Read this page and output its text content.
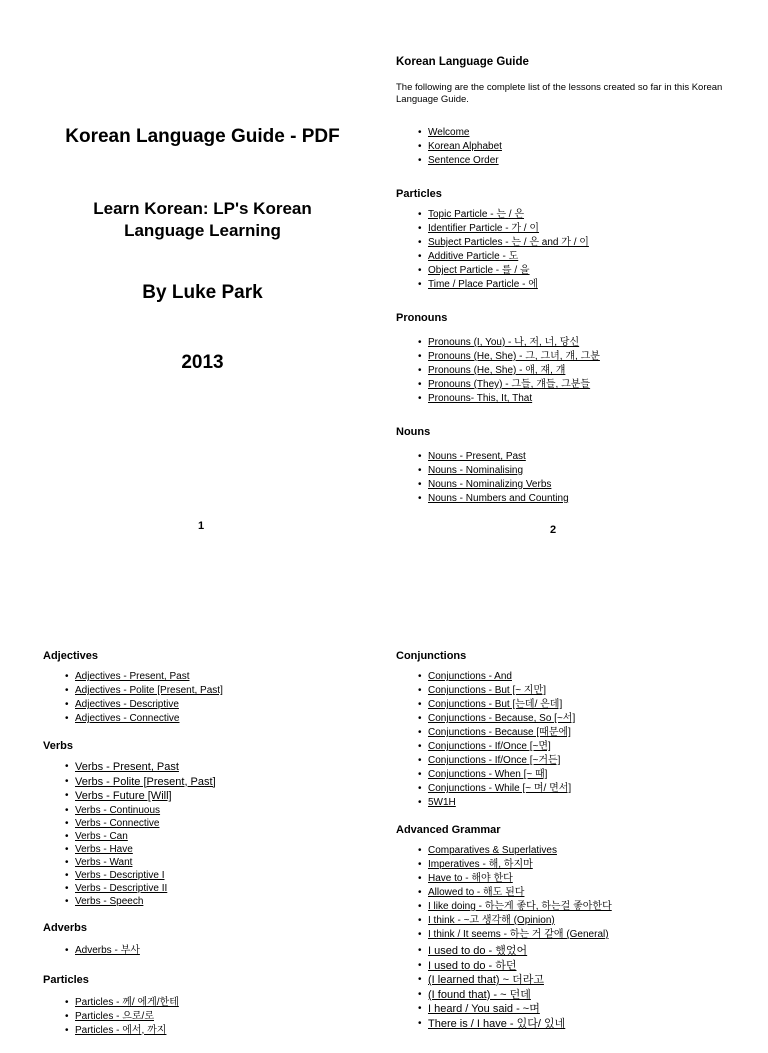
Korean Language Guide - PDF
Learn Korean: LP's Korean Language Learning
By Luke Park
2013
1
Korean Language Guide
The following are the complete list of the lessons created so far in this Korean Language Guide.
• Welcome
• Korean Alphabet
• Sentence Order
Particles
• Topic Particle - 는 / 은
• Identifier Particle - 가 / 이
• Subject Particles - 는 / 은 and 가 / 이
• Additive Particle - 도
• Object Particle - 를 / 을
• Time / Place Particle - 에
Pronouns
• Pronouns (I, You) - 나, 저, 너, 당신
• Pronouns (He, She) - 그, 그녀, 걔, 그분
• Pronouns (He, She) - 얘, 쟤, 걔
• Pronouns (They) - 그들, 걔들, 그분들
• Pronouns- This, It, That
Nouns
• Nouns - Present, Past
• Nouns - Nominalising
• Nouns - Nominalizing Verbs
• Nouns - Numbers and Counting
2
Adjectives
• Adjectives - Present, Past
• Adjectives - Polite [Present, Past]
• Adjectives - Descriptive
• Adjectives - Connective
Verbs
• Verbs - Present, Past
• Verbs - Polite [Present, Past]
• Verbs - Future [Will]
• Verbs - Continuous
• Verbs - Connective
• Verbs - Can
• Verbs - Have
• Verbs - Want
• Verbs - Descriptive I
• Verbs - Descriptive II
• Verbs - Speech
Adverbs
• Adverbs - 부사
Particles
• Particles - 께/ 에게/한테
• Particles - 으로/로
• Particles - 에서, 까지
Conjunctions
• Conjunctions - And
• Conjunctions - But [~ 지만]
• Conjunctions - But [는데/ 은데]
• Conjunctions - Because, So [~서]
• Conjunctions - Because [때문에]
• Conjunctions - If/Once [~면]
• Conjunctions - If/Once [~거든]
• Conjunctions - When [~ 때]
• Conjunctions - While [~ 며/ 면서]
• 5W1H
Advanced Grammar
• Comparatives & Superlatives
• Imperatives - 해, 하지마
• Have to - 해야 한다
• Allowed to - 해도 된다
• I like doing - 하는게 좋다, 하는걸 좋아한다
• I think - ~고 생각해 (Opinion)
• I think / It seems - 하는 거 같애 (General)
• I used to do - 했었어
• I used to do - 하던
• (I learned that) ~ 더라고
• (I found that) - ~ 던데
• I heard / You said - ~며
• There is / I have - 있다/ 있네
